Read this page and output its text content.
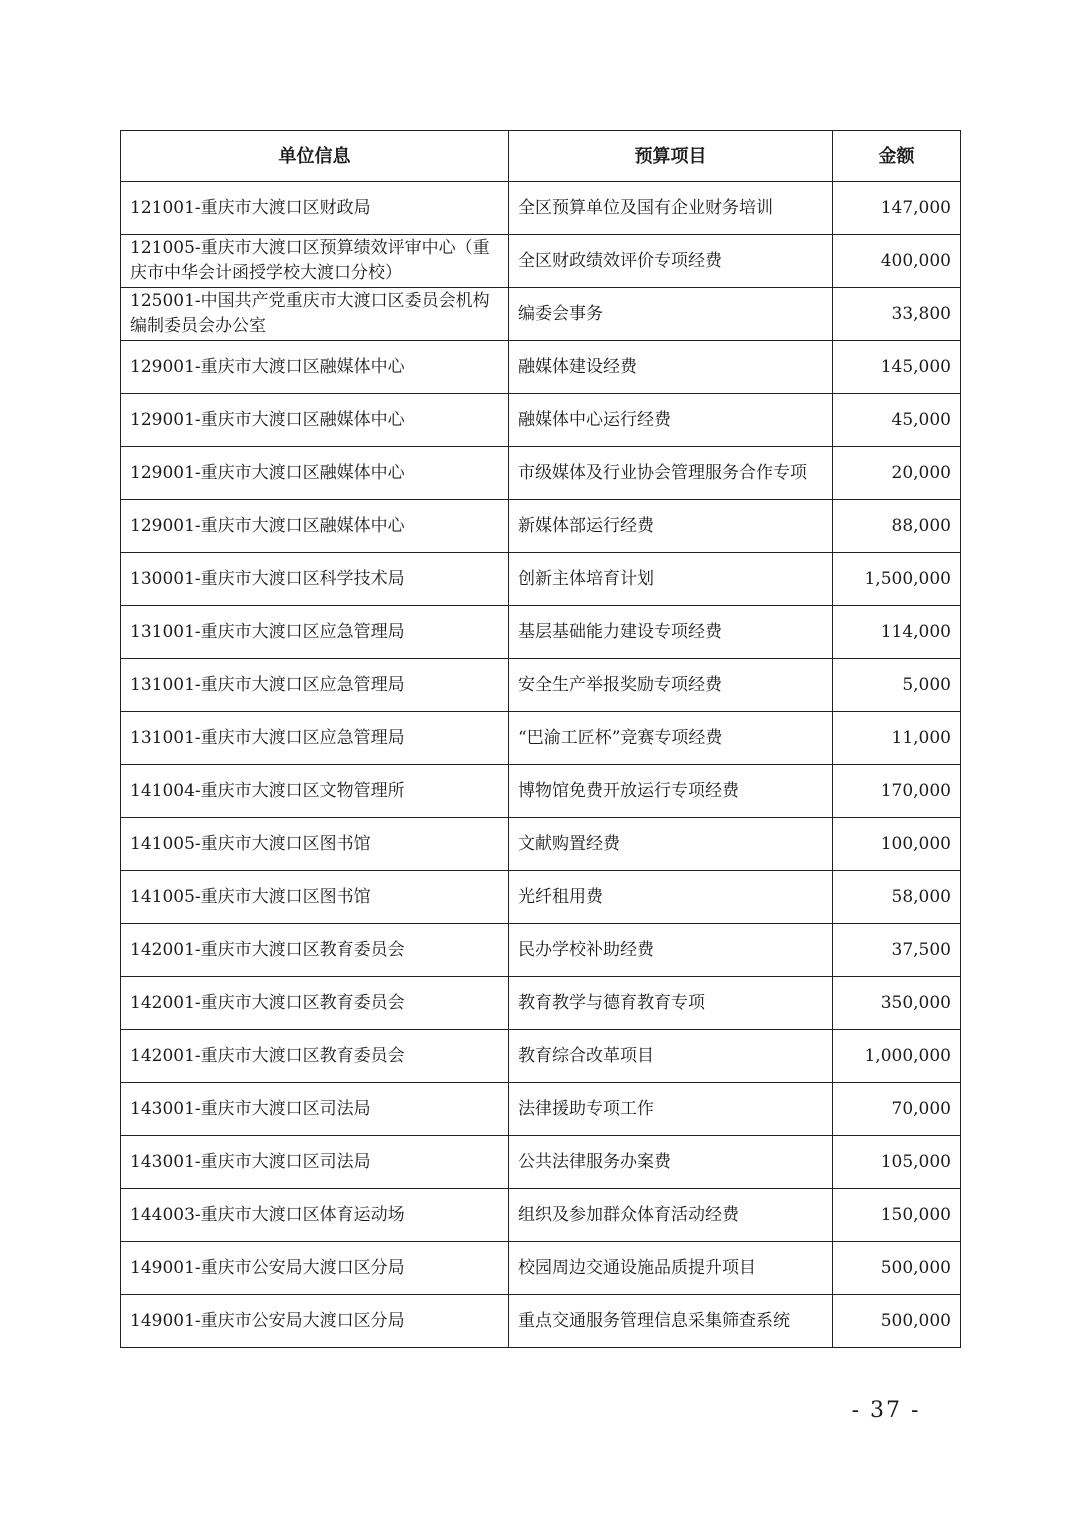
单位信息	预算项目	金额
121001-重庆市大渡口区财政局	全区预算单位及国有企业财务培训	147,000
121005-重庆市大渡口区预算绩效评审中心（重庆市中华会计函授学校大渡口分校）	全区财政绩效评价专项经费	400,000
125001-中国共产党重庆市大渡口区委员会机构编制委员会办公室	编委会事务	33,800
129001-重庆市大渡口区融媒体中心	融媒体建设经费	145,000
129001-重庆市大渡口区融媒体中心	融媒体中心运行经费	45,000
129001-重庆市大渡口区融媒体中心	市级媒体及行业协会管理服务合作专项	20,000
129001-重庆市大渡口区融媒体中心	新媒体部运行经费	88,000
130001-重庆市大渡口区科学技术局	创新主体培育计划	1,500,000
131001-重庆市大渡口区应急管理局	基层基础能力建设专项经费	114,000
131001-重庆市大渡口区应急管理局	安全生产举报奖励专项经费	5,000
131001-重庆市大渡口区应急管理局	“巴渝工匠杯”竞赛专项经费	11,000
141004-重庆市大渡口区文物管理所	博物馆免费开放运行专项经费	170,000
141005-重庆市大渡口区图书馆	文献购置经费	100,000
141005-重庆市大渡口区图书馆	光纤租用费	58,000
142001-重庆市大渡口区教育委员会	民办学校补助经费	37,500
142001-重庆市大渡口区教育委员会	教育教学与德育教育专项	350,000
142001-重庆市大渡口区教育委员会	教育综合改革项目	1,000,000
143001-重庆市大渡口区司法局	法律援助专项工作	70,000
143001-重庆市大渡口区司法局	公共法律服务办案费	105,000
144003-重庆市大渡口区体育运动场	组织及参加群众体育活动经费	150,000
149001-重庆市公安局大渡口区分局	校园周边交通设施品质提升项目	500,000
149001-重庆市公安局大渡口区分局	重点交通服务管理信息采集筛查系统	500,000
- 37 -
